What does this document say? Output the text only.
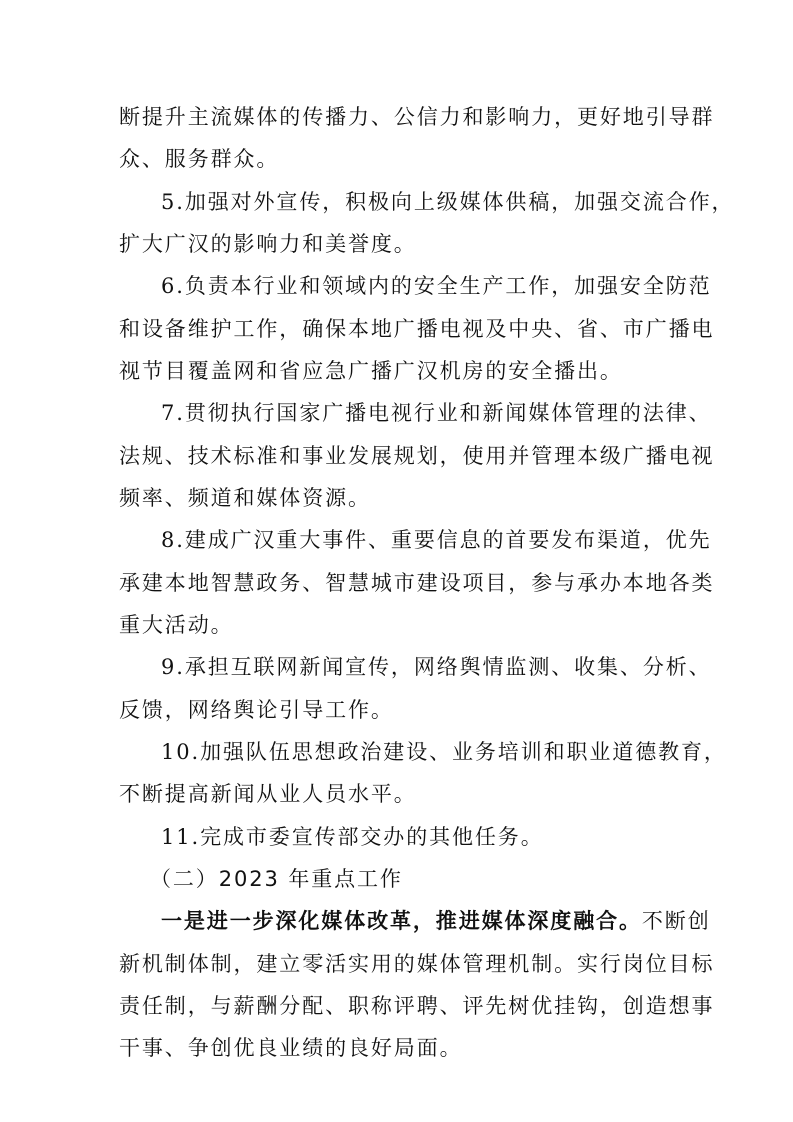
断提升主流媒体的传播力、公信力和影响力，更好地引导群
众、服务群众。
5.加强对外宣传，积极向上级媒体供稿，加强交流合作，
扩大广汉的影响力和美誉度。
6.负责本行业和领域内的安全生产工作，加强安全防范
和设备维护工作，确保本地广播电视及中央、省、市广播电
视节目覆盖网和省应急广播广汉机房的安全播出。
7.贯彻执行国家广播电视行业和新闻媒体管理的法律、
法规、技术标准和事业发展规划，使用并管理本级广播电视
频率、频道和媒体资源。
8.建成广汉重大事件、重要信息的首要发布渠道，优先
承建本地智慧政务、智慧城市建设项目，参与承办本地各类
重大活动。
9.承担互联网新闻宣传，网络舆情监测、收集、分析、
反馈，网络舆论引导工作。
10.加强队伍思想政治建设、业务培训和职业道德教育，
不断提高新闻从业人员水平。
11.完成市委宣传部交办的其他任务。
（二）2023 年重点工作
一是进一步深化媒体改革，推进媒体深度融合。不断创
新机制体制，建立零活实用的媒体管理机制。实行岗位目标
责任制，与薪酬分配、职称评聘、评先树优挂钩，创造想事
干事、争创优良业绩的良好局面。
